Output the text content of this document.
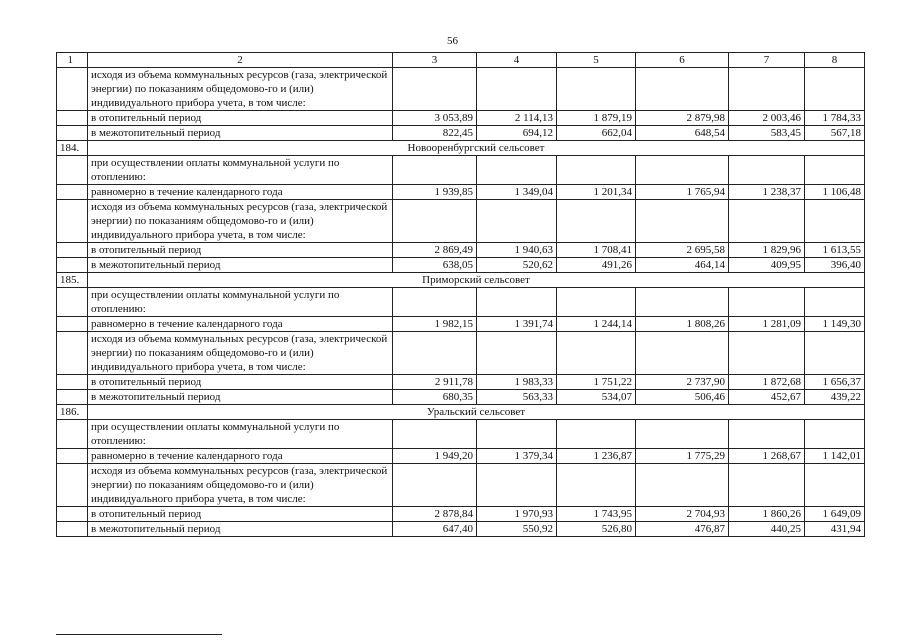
56
1	2	3	4	5	6	7	8
	исходя из объема коммунальных ресурсов (газа, электрической энергии) по показаниям общедомово-го и (или) индивидуального прибора учета, в том числе:						
	в отопительный период	3 053,89	2 114,13	1 879,19	2 879,98	2 003,46	1 784,33
	в межотопительный период	822,45	694,12	662,04	648,54	583,45	567,18
184.	Новооренбургский сельсовет						
	при осуществлении оплаты коммунальной услуги по отоплению:						
	равномерно в течение календарного года	1 939,85	1 349,04	1 201,34	1 765,94	1 238,37	1 106,48
	исходя из объема коммунальных ресурсов (газа, электрической энергии) по показаниям общедомово-го и (или) индивидуального прибора учета, в том числе:						
	в отопительный период	2 869,49	1 940,63	1 708,41	2 695,58	1 829,96	1 613,55
	в межотопительный период	638,05	520,62	491,26	464,14	409,95	396,40
185.	Приморский сельсовет						
	при осуществлении оплаты коммунальной услуги по отоплению:						
	равномерно в течение календарного года	1 982,15	1 391,74	1 244,14	1 808,26	1 281,09	1 149,30
	исходя из объема коммунальных ресурсов (газа, электрической энергии) по показаниям общедомово-го и (или) индивидуального прибора учета, в том числе:						
	в отопительный период	2 911,78	1 983,33	1 751,22	2 737,90	1 872,68	1 656,37
	в межотопительный период	680,35	563,33	534,07	506,46	452,67	439,22
186.	Уральский сельсовет						
	при осуществлении оплаты коммунальной услуги по отоплению:						
	равномерно в течение календарного года	1 949,20	1 379,34	1 236,87	1 775,29	1 268,67	1 142,01
	исходя из объема коммунальных ресурсов (газа, электрической энергии) по показаниям общедомово-го и (или) индивидуального прибора учета, в том числе:						
	в отопительный период	2 878,84	1 970,93	1 743,95	2 704,93	1 860,26	1 649,09
	в межотопительный период	647,40	550,92	526,80	476,87	440,25	431,94
